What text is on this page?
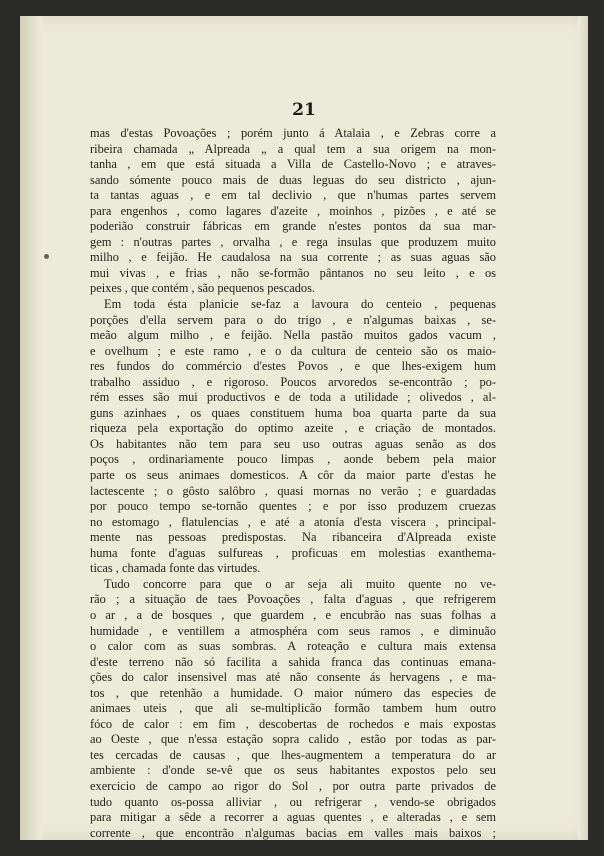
21
mas d'estas Povoações ; porém junto á Atalaia , e Zebras corre a
ribeira chamada „ Alpreada „ a qual tem a sua origem na mon-
tanha , em que está situada a Villa de Castello-Novo ; e atraves-
sando sómente pouco mais de duas leguas do seu districto , ajun-
ta tantas aguas , e em tal declivio , que n'humas partes servem
para engenhos , como lagares d'azeite , moinhos , pizões , e até se
poderião construir fábricas em grande n'estes pontos da sua mar-
gem : n'outras partes , orvalha , e rega insulas que produzem muito
milho , e feijão. He caudalosa na sua corrente ; as suas aguas são
mui vivas , e frias , não se-formão pântanos no seu leito , e os
peixes , que contém , são pequenos pescados.
Em toda ésta planicie se-faz a lavoura do centeio , pequenas
porções d'ella servem para o do trigo , e n'algumas baixas , se-
meão algum milho , e feijão. Nella pastão muitos gados vacum ,
e ovelhum ; e este ramo , e o da cultura de centeio são os maio-
res fundos do commércio d'estes Povos , e que lhes-exigem hum
trabalho assiduo , e rigoroso. Poucos arvoredos se-encontrão ; po-
rém esses são mui productivos e de toda a utilidade ; olivedos , al-
guns azinhaes , os quaes constituem huma boa quarta parte da sua
riqueza pela exportação do optimo azeite , e criação de montados.
Os habitantes não tem para seu uso outras aguas senão as dos
poços , ordinariamente pouco limpas , aonde bebem pela maior
parte os seus animaes domesticos. A côr da maior parte d'estas he
lactescente ; o gôsto salôbro , quasi mornas no verão ; e guardadas
por pouco tempo se-tornão quentes ; e por isso produzem cruezas
no estomago , flatulencias , e até a atonía d'esta viscera , principal-
mente nas pessoas predispostas. Na ribanceira d'Alpreada existe
huma fonte d'aguas sulfureas , proficuas em molestias exanthema-
ticas , chamada fonte das virtudes.
Tudo concorre para que o ar seja ali muito quente no ve-
rão ; a situação de taes Povoações , falta d'aguas , que refrigerem
o ar , a de bosques , que guardem , e encubrão nas suas folhas a
humidade , e ventillem a atmosphéra com seus ramos , e diminuão
o calor com as suas sombras. A roteação e cultura mais extensa
d'este terreno não só facilita a sahida franca das continuas emana-
ções do calor insensivel mas até não consente ás hervagens , e ma-
tos , que retenhão a humidade. O maior número das especies de
animaes uteis , que ali se-multiplicão formão tambem hum outro
fóco de calor : em fim , descobertas de rochedos e mais expostas
ao Oeste , que n'essa estação sopra calido , estão por todas as par-
tes cercadas de causas , que lhes-augmentem a temperatura do ar
ambiente : d'onde se-vê que os seus habitantes expostos pelo seu
exercicio de campo ao rigor do Sol , por outra parte privados de
tudo quanto os-possa alliviar , ou refrigerar , vendo-se obrigados
para mitigar a sêde a recorrer a aguas quentes , e alteradas , e sem
corrente , que encontrão n'algumas bacias em valles mais baixos ;
